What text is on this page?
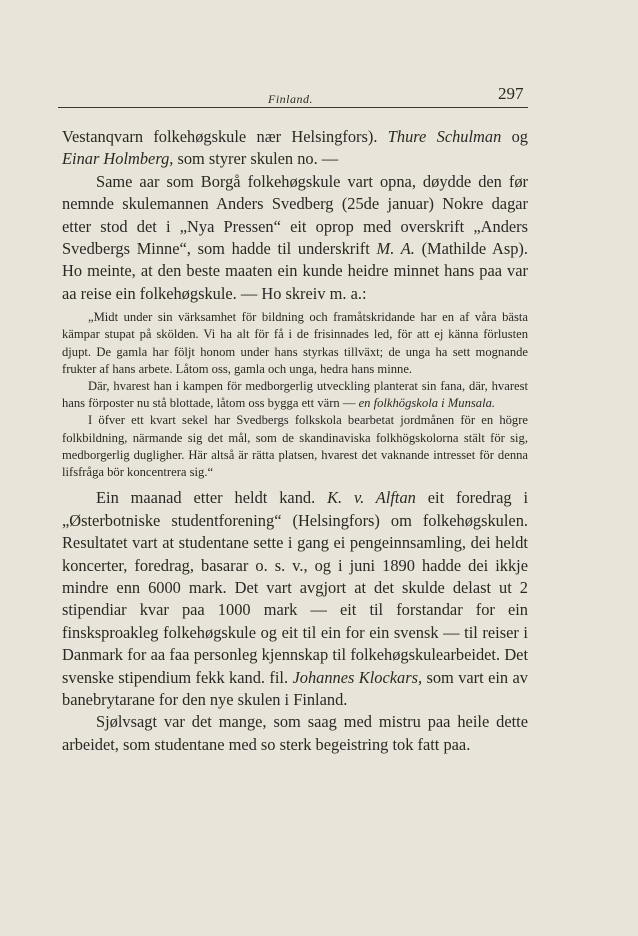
Finland.	297

Vestanqvarn folkehøgskule nær Helsingfors). Thure Schulman og Einar Holmberg, som styrer skulen no. —

Same aar som Borgå folkehøgskule vart opna, døydde den før nemnde skulemannen Anders Svedberg (25de januar) Nokre dagar etter stod det i „Nya Pressen“ eit oprop med overskrift „Anders Svedbergs Minne“, som hadde til underskrift M. A. (Mathilde Asp). Ho meinte, at den beste maaten ein kunde heidre minnet hans paa var aa reise ein folkehøgskule. — Ho skreiv m. a.:

„Midt under sin värksamhet för bildning och framåtskridande har en af våra bästa kämpar stupat på skölden. Vi ha alt för få i de frisinnades led, för att ej känna förlusten djupt. De gamla har följt honom under hans styrkas tillväxt; de unga ha sett mognande frukter af hans arbete. Låtom oss, gamla och unga, hedra hans minne.

Där, hvarest han i kampen för medborgerlig utveckling planterat sin fana, där, hvarest hans förposter nu stå blottade, låtom oss bygga ett värn — en folkhögskola i Munsala.

I öfver ett kvart sekel har Svedbergs folkskola bearbetat jordmånen för en högre folkbildning, närmande sig det mål, som de skandinaviska folkhögskolorna stält för sig, medborgerlig dugligher. Här altså är rätta platsen, hvarest det vaknande intresset för denna lifsfråga bör koncentrera sig.“

Ein maanad etter heldt kand. K. v. Alftan eit foredrag i „Østerbotniske studentforening“ (Helsingfors) om folkehøgskulen. Resultatet vart at studentane sette i gang ei pengeinnsamling, dei heldt koncerter, foredrag, basarar o. s. v., og i juni 1890 hadde dei ikkje mindre enn 6000 mark. Det vart avgjort at det skulde delast ut 2 stipendiar kvar paa 1000 mark — eit til forstandar for ein finsksproakleg folkehøgskule og eit til ein for ein svensk — til reiser i Danmark for aa faa personleg kjennskap til folkehøgskulearbeidet. Det svenske stipendium fekk kand. fil. Johannes Klockars, som vart ein av banebrytarane for den nye skulen i Finland.

Sjølvsagt var det mange, som saag med mistru paa heile dette arbeidet, som studentane med so sterk begeistring tok fatt paa.
